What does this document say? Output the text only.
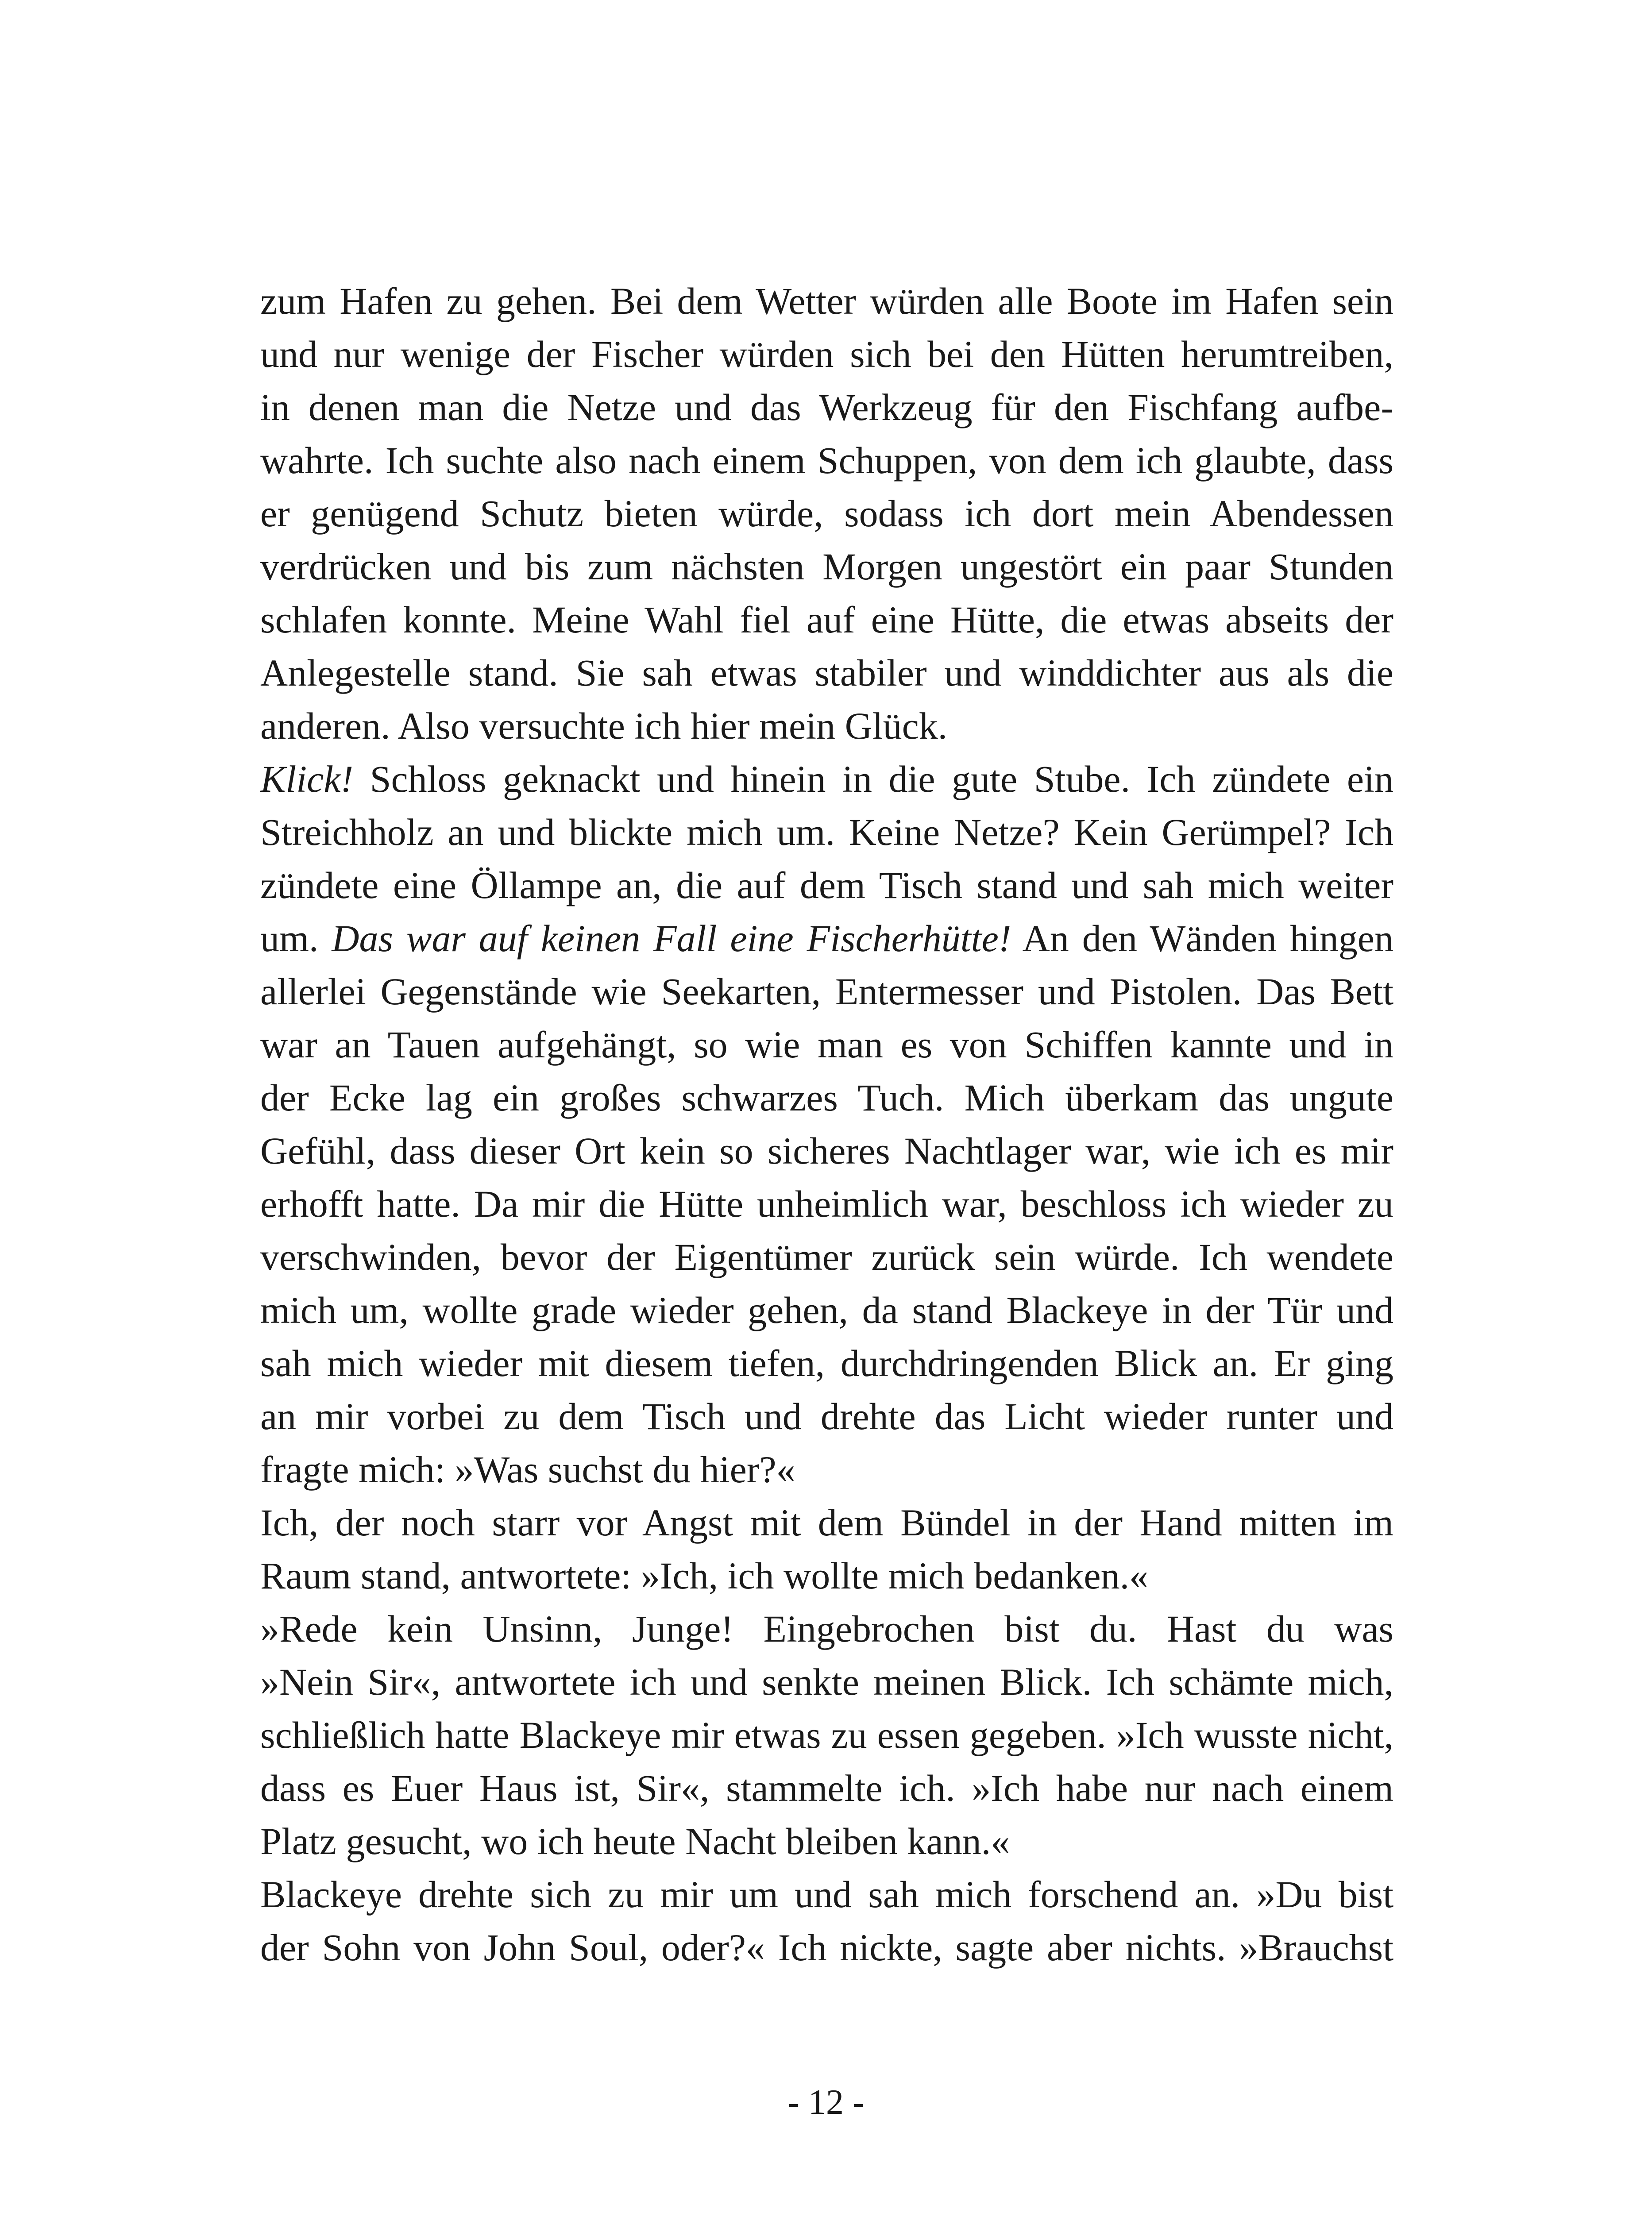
zum Hafen zu gehen. Bei dem Wetter würden alle Boote im Hafen sein
und nur wenige der Fischer würden sich bei den Hütten herumtreiben,
in denen man die Netze und das Werkzeug für den Fischfang aufbe-
wahrte. Ich suchte also nach einem Schuppen, von dem ich glaubte, dass
er genügend Schutz bieten würde, sodass ich dort mein Abendessen
verdrücken und bis zum nächsten Morgen ungestört ein paar Stunden
schlafen konnte. Meine Wahl fiel auf eine Hütte, die etwas abseits der
Anlegestelle stand. Sie sah etwas stabiler und winddichter aus als die
anderen. Also versuchte ich hier mein Glück.
Klick! Schloss geknackt und hinein in die gute Stube. Ich zündete ein
Streichholz an und blickte mich um. Keine Netze? Kein Gerümpel? Ich
zündete eine Öllampe an, die auf dem Tisch stand und sah mich weiter
um. Das war auf keinen Fall eine Fischerhütte! An den Wänden hingen
allerlei Gegenstände wie Seekarten, Entermesser und Pistolen. Das Bett
war an Tauen aufgehängt, so wie man es von Schiffen kannte und in
der Ecke lag ein großes schwarzes Tuch. Mich überkam das ungute
Gefühl, dass dieser Ort kein so sicheres Nachtlager war, wie ich es mir
erhofft hatte. Da mir die Hütte unheimlich war, beschloss ich wieder zu
verschwinden, bevor der Eigentümer zurück sein würde. Ich wendete
mich um, wollte grade wieder gehen, da stand Blackeye in der Tür und
sah mich wieder mit diesem tiefen, durchdringenden Blick an. Er ging
an mir vorbei zu dem Tisch und drehte das Licht wieder runter und
fragte mich: »Was suchst du hier?«
Ich, der noch starr vor Angst mit dem Bündel in der Hand mitten im
Raum stand, antwortete: »Ich, ich wollte mich bedanken.«
»Rede kein Unsinn, Junge! Eingebrochen bist du. Hast du was
»Nein Sir«, antwortete ich und senkte meinen Blick. Ich schämte mich,
schließlich hatte Blackeye mir etwas zu essen gegeben. »Ich wusste nicht,
dass es Euer Haus ist, Sir«, stammelte ich. »Ich habe nur nach einem
Platz gesucht, wo ich heute Nacht bleiben kann.«
Blackeye drehte sich zu mir um und sah mich forschend an. »Du bist
der Sohn von John Soul, oder?« Ich nickte, sagte aber nichts. »Brauchst
- 12 -
